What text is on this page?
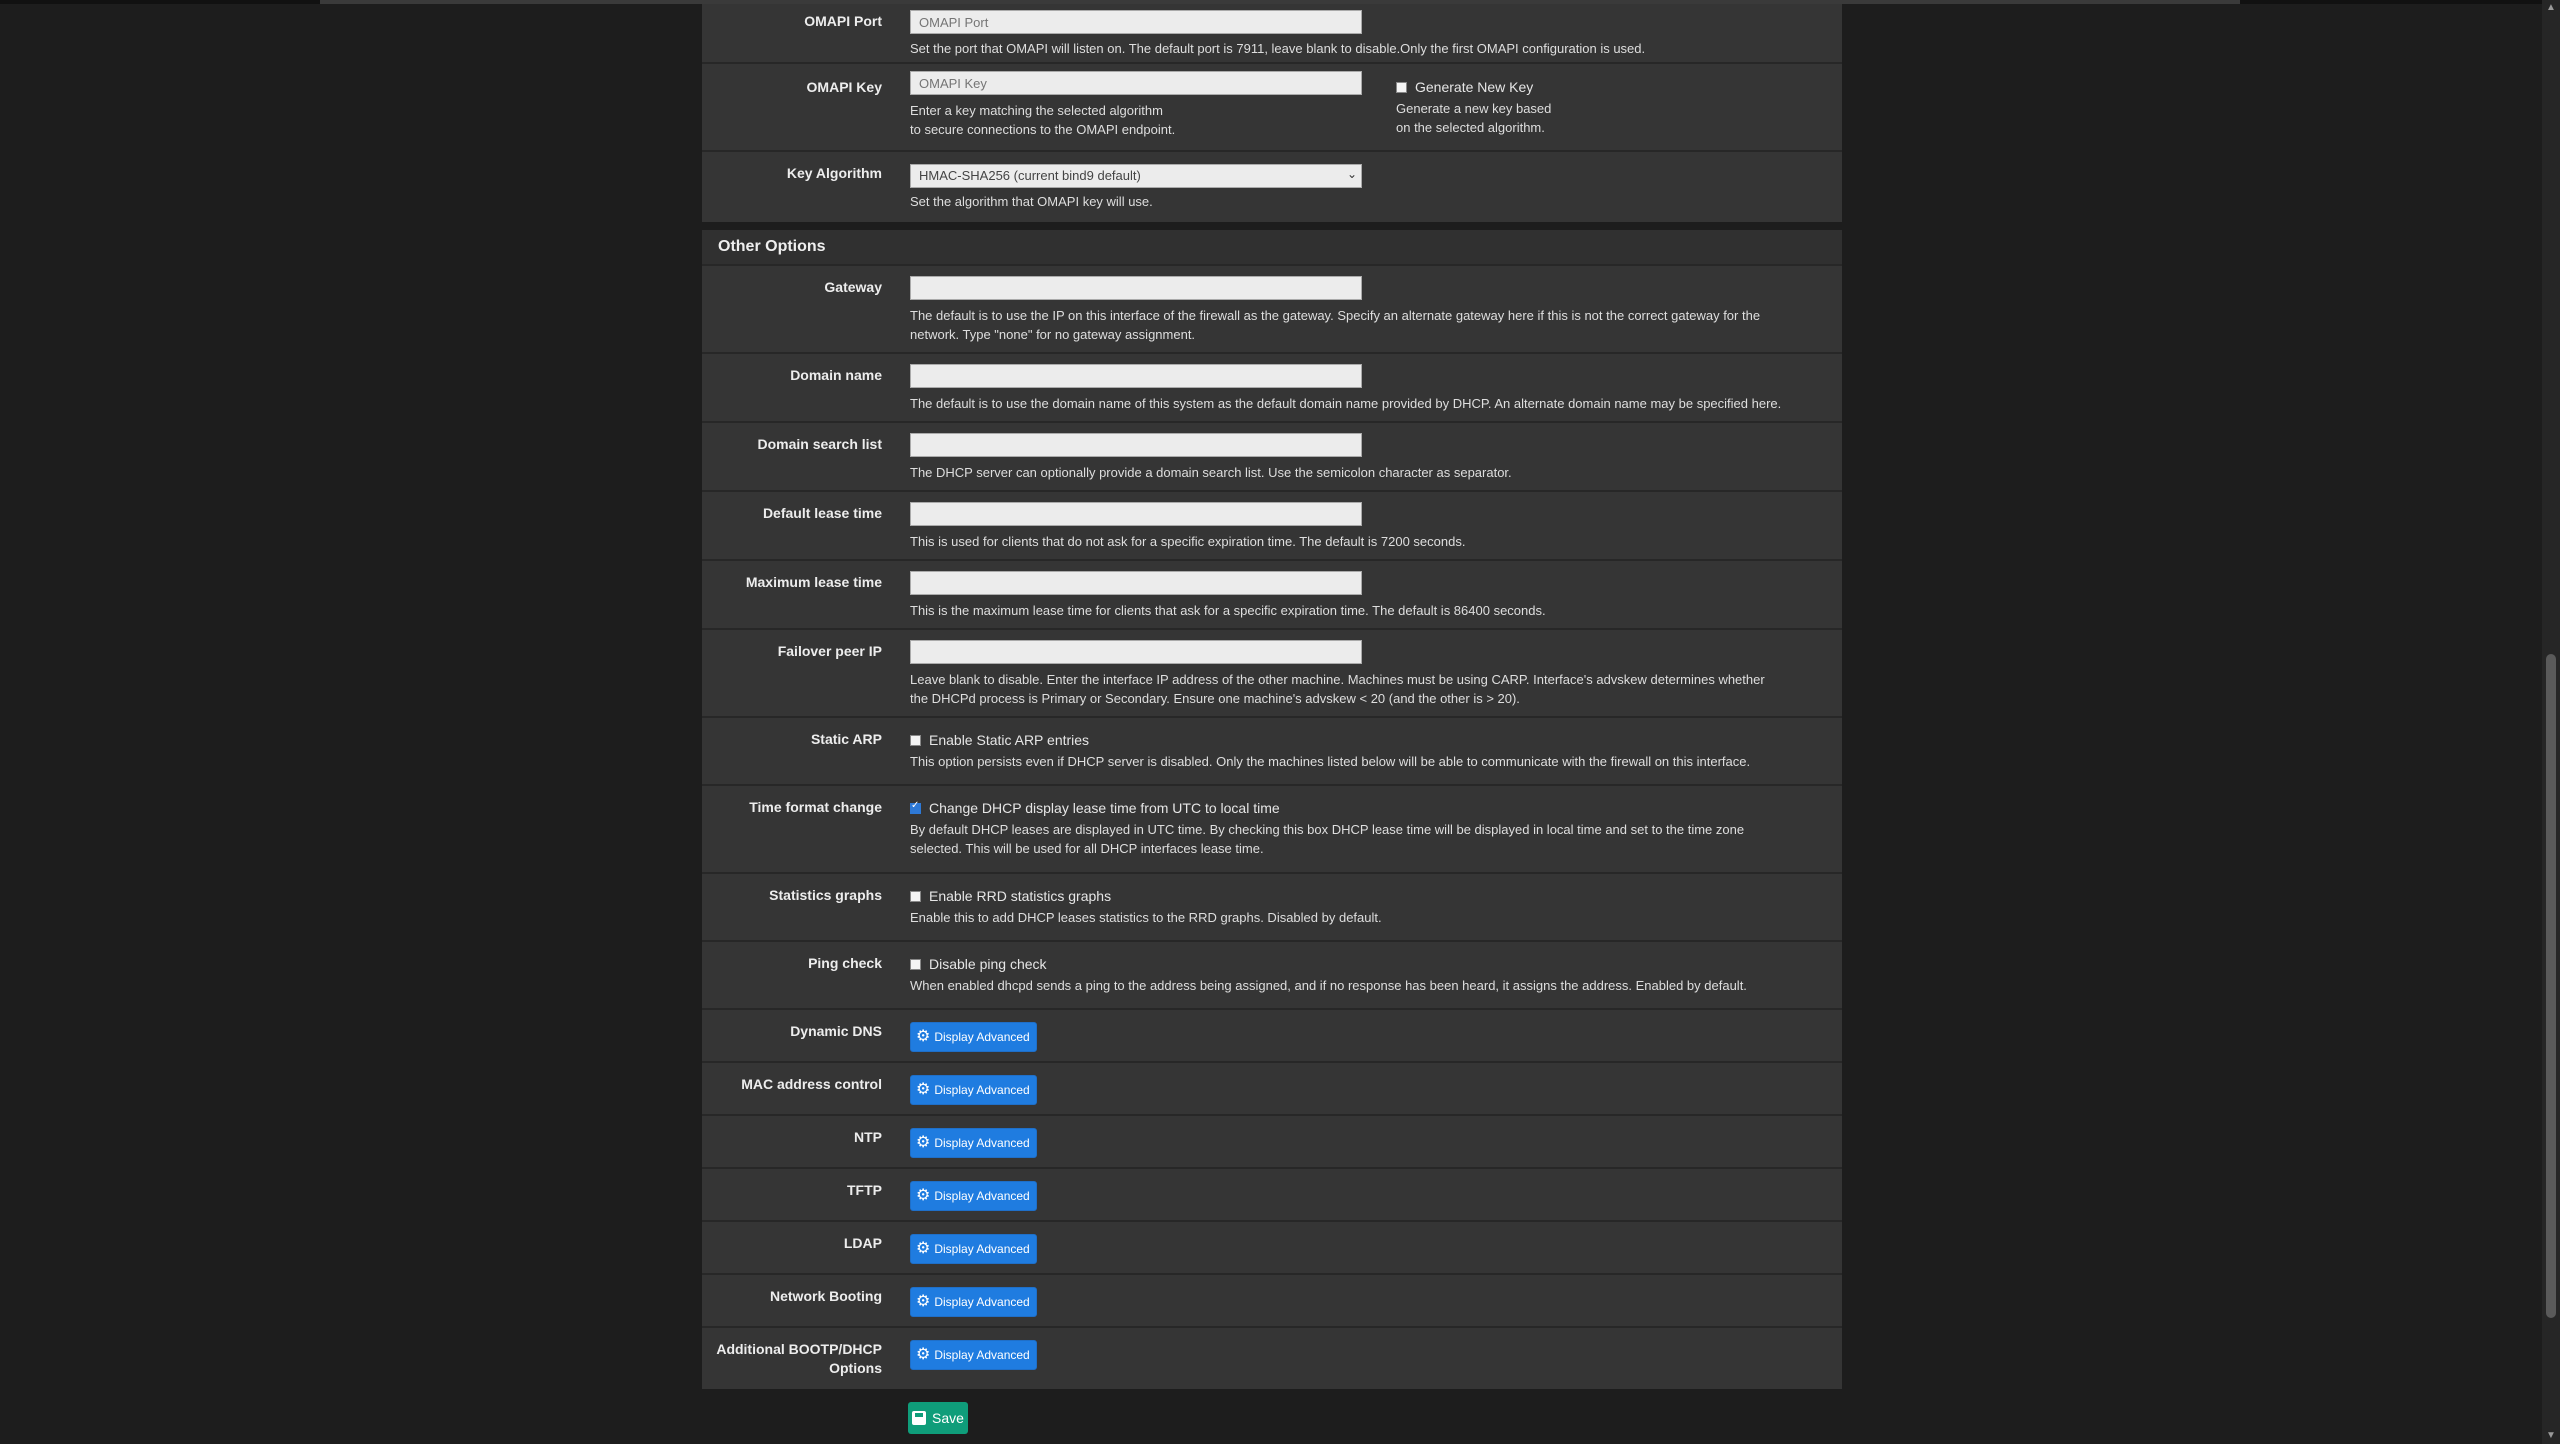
OMAPI Port
OMAPI Port
Set the port that OMAPI will listen on. The default port is 7911, leave blank to disable.Only the first OMAPI configuration is used.
OMAPI Key
OMAPI Key
Enter a key matching the selected algorithm
to secure connections to the OMAPI endpoint.
Generate New Key
Generate a new key based
on the selected algorithm.
Key Algorithm	HMAC-SHA256 (current bind9 default)	⌄
Set the algorithm that OMAPI key will use.
Other Options
Gateway
The default is to use the IP on this interface of the firewall as the gateway. Specify an alternate gateway here if this is not the correct gateway for the
network. Type "none" for no gateway assignment.
Domain name
The default is to use the domain name of this system as the default domain name provided by DHCP. An alternate domain name may be specified here.
Domain search list
The DHCP server can optionally provide a domain search list. Use the semicolon character as separator.
Default lease time
This is used for clients that do not ask for a specific expiration time. The default is 7200 seconds.
Maximum lease time
This is the maximum lease time for clients that ask for a specific expiration time. The default is 86400 seconds.
Failover peer IP
Leave blank to disable. Enter the interface IP address of the other machine. Machines must be using CARP. Interface's advskew determines whether
the DHCPd process is Primary or Secondary. Ensure one machine's advskew < 20 (and the other is > 20).
Static ARP	Enable Static ARP entries
This option persists even if DHCP server is disabled. Only the machines listed below will be able to communicate with the firewall on this interface.
Time format change
✓	Change DHCP display lease time from UTC to local time
By default DHCP leases are displayed in UTC time. By checking this box DHCP lease time will be displayed in local time and set to the time zone
selected. This will be used for all DHCP interfaces lease time.
Statistics graphs	Enable RRD statistics graphs
Enable this to add DHCP leases statistics to the RRD graphs. Disabled by default.
Ping check	Disable ping check
When enabled dhcpd sends a ping to the address being assigned, and if no response has been heard, it assigns the address. Enabled by default.
Dynamic DNS ⚙ Display Advanced
MAC address control ⚙ Display Advanced
NTP ⚙ Display Advanced
TFTP ⚙ Display Advanced
LDAP ⚙ Display Advanced
Network Booting ⚙ Display Advanced
Additional BOOTP/DHCP
Options
⚙ Display Advanced
Save
▲
▼
